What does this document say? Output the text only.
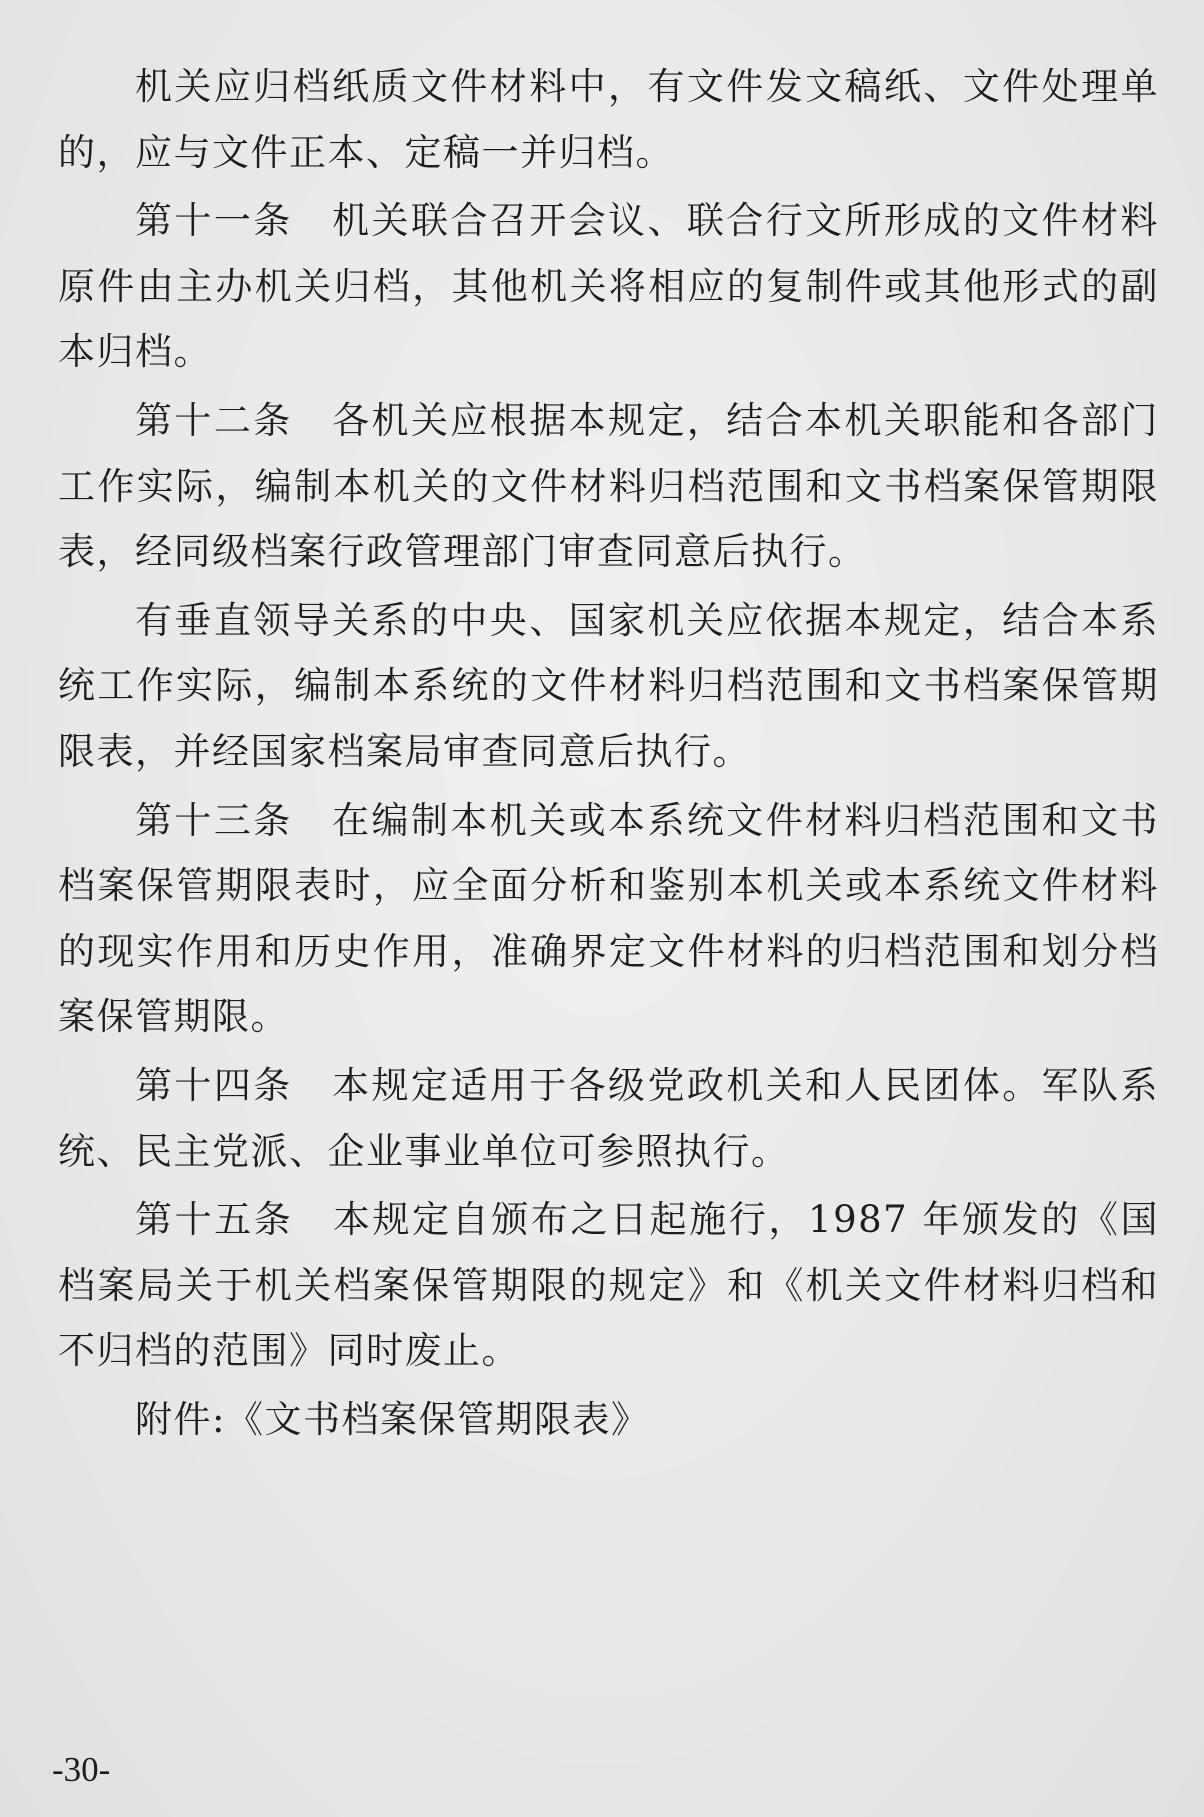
机关应归档纸质文件材料中，有文件发文稿纸、文件处理单
的，应与文件正本、定稿一并归档。
第十一条　机关联合召开会议、联合行文所形成的文件材料
原件由主办机关归档，其他机关将相应的复制件或其他形式的副
本归档。
第十二条　各机关应根据本规定，结合本机关职能和各部门
工作实际，编制本机关的文件材料归档范围和文书档案保管期限
表，经同级档案行政管理部门审查同意后执行。
有垂直领导关系的中央、国家机关应依据本规定，结合本系
统工作实际，编制本系统的文件材料归档范围和文书档案保管期
限表，并经国家档案局审查同意后执行。
第十三条　在编制本机关或本系统文件材料归档范围和文书
档案保管期限表时，应全面分析和鉴别本机关或本系统文件材料
的现实作用和历史作用，准确界定文件材料的归档范围和划分档
案保管期限。
第十四条　本规定适用于各级党政机关和人民团体。军队系
统、民主党派、企业事业单位可参照执行。
第十五条　本规定自颁布之日起施行，1987 年颁发的《国
档案局关于机关档案保管期限的规定》和《机关文件材料归档和
不归档的范围》同时废止。
附件:《文书档案保管期限表》
-30-
